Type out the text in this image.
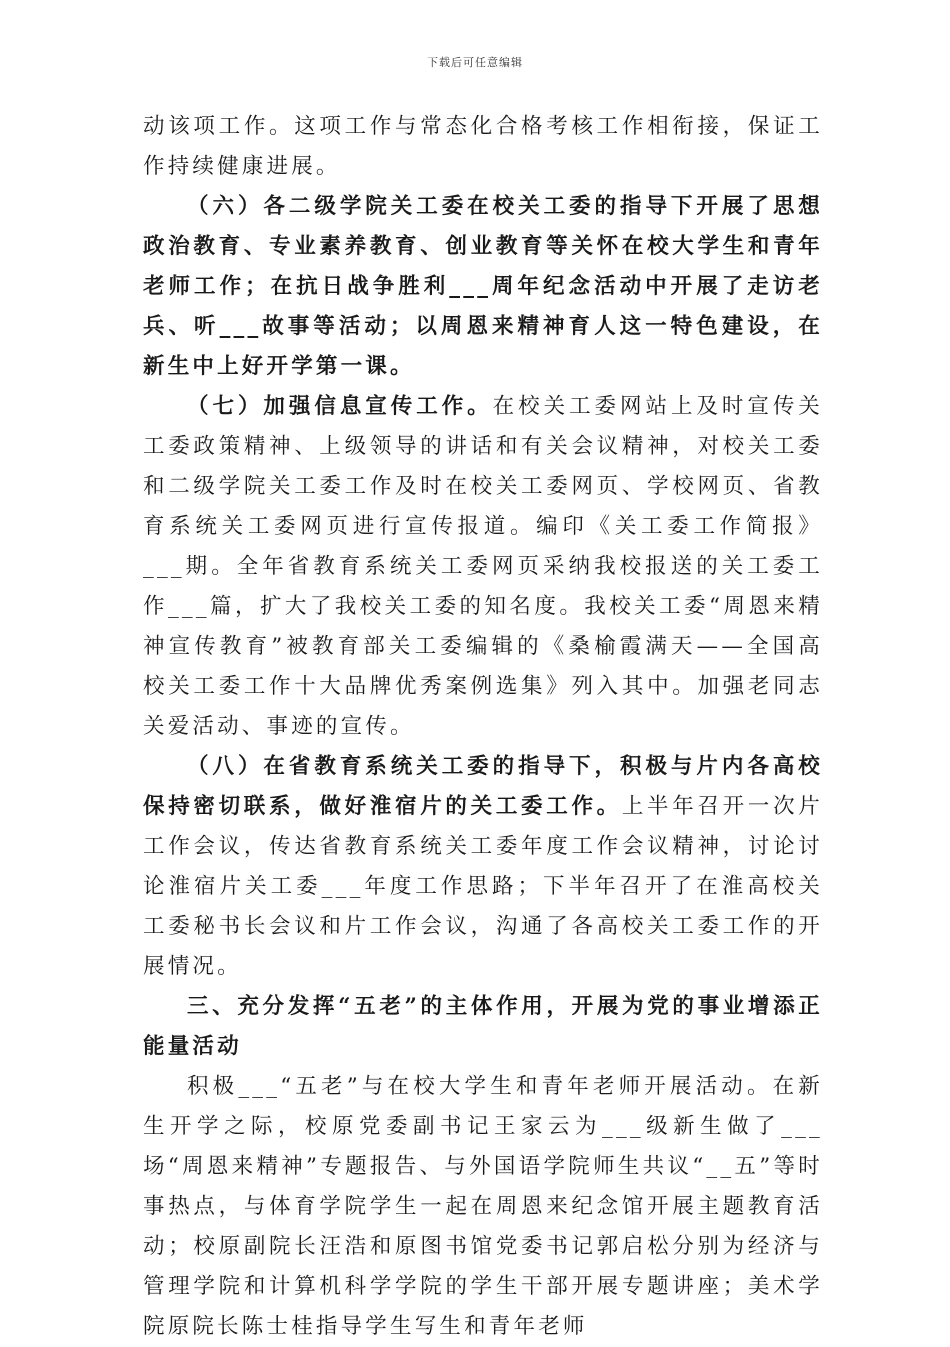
下载后可任意编辑

动该项工作。这项工作与常态化合格考核工作相衔接，保证工作持续健康进展。

（六）各二级学院关工委在校关工委的指导下开展了思想政治教育、专业素养教育、创业教育等关怀在校大学生和青年老师工作；在抗日战争胜利___周年纪念活动中开展了走访老兵、听___故事等活动；以周恩来精神育人这一特色建设，在新生中上好开学第一课。

（七）加强信息宣传工作。在校关工委网站上及时宣传关工委政策精神、上级领导的讲话和有关会议精神，对校关工委和二级学院关工委工作及时在校关工委网页、学校网页、省教育系统关工委网页进行宣传报道。编印《关工委工作简报》___期。全年省教育系统关工委网页采纳我校报送的关工委工作___篇，扩大了我校关工委的知名度。我校关工委“周恩来精神宣传教育”被教育部关工委编辑的《桑榆霞满天——全国高校关工委工作十大品牌优秀案例选集》列入其中。加强老同志关爱活动、事迹的宣传。

（八）在省教育系统关工委的指导下，积极与片内各高校保持密切联系，做好淮宿片的关工委工作。上半年召开一次片工作会议，传达省教育系统关工委年度工作会议精神，讨论讨论淮宿片关工委___年度工作思路；下半年召开了在淮高校关工委秘书长会议和片工作会议，沟通了各高校关工委工作的开展情况。

三、充分发挥“五老”的主体作用，开展为党的事业增添正能量活动

积极___“五老”与在校大学生和青年老师开展活动。在新生开学之际，校原党委副书记王家云为___级新生做了___场“周恩来精神”专题报告、与外国语学院师生共议“__五”等时事热点，与体育学院学生一起在周恩来纪念馆开展主题教育活动；校原副院长汪浩和原图书馆党委书记郭启松分别为经济与管理学院和计算机科学学院的学生干部开展专题讲座；美术学院原院长陈士桂指导学生写生和青年老师
